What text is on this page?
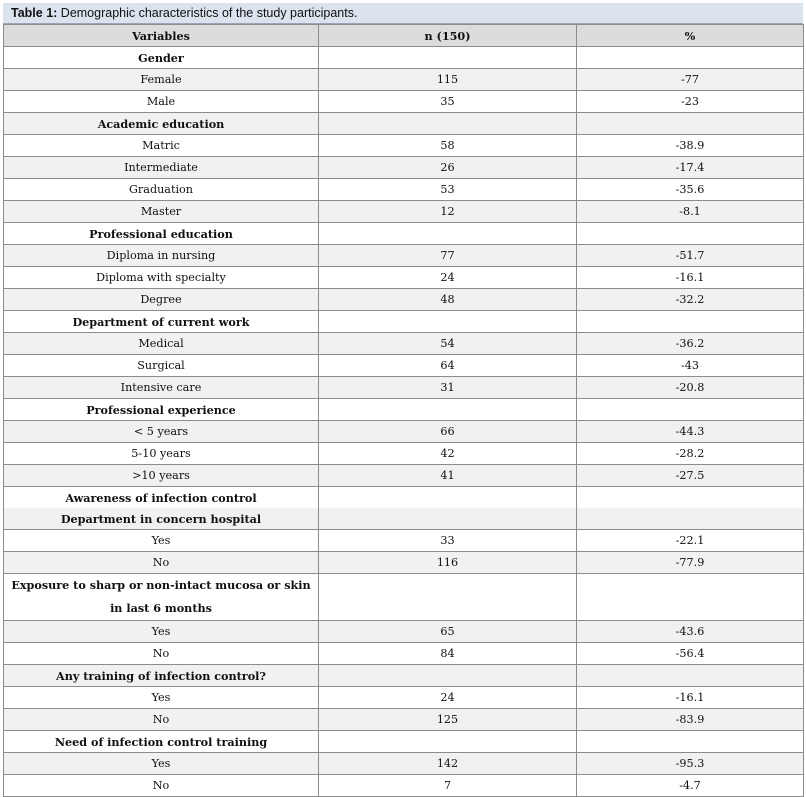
Table 1: Demographic characteristics of the study participants.
Variables	n (150)	%
Gender		
Female	115	-77
Male	35	-23
Academic education		
Matric	58	-38.9
Intermediate	26	-17.4
Graduation	53	-35.6
Master	12	-8.1
Professional education		
Diploma in nursing	77	-51.7
Diploma with specialty	24	-16.1
Degree	48	-32.2
Department of current work		
Medical	54	-36.2
Surgical	64	-43
Intensive care	31	-20.8
Professional experience		
< 5 years	66	-44.3
5-10 years	42	-28.2
>10 years	41	-27.5
Awareness of infection control		
Department in concern hospital		
Yes	33	-22.1
No	116	-77.9
Exposure to sharp or non-intact mucosa or skin in last 6 months		
Yes	65	-43.6
No	84	-56.4
Any training of infection control?		
Yes	24	-16.1
No	125	-83.9
Need of infection control training		
Yes	142	-95.3
No	7	-4.7
